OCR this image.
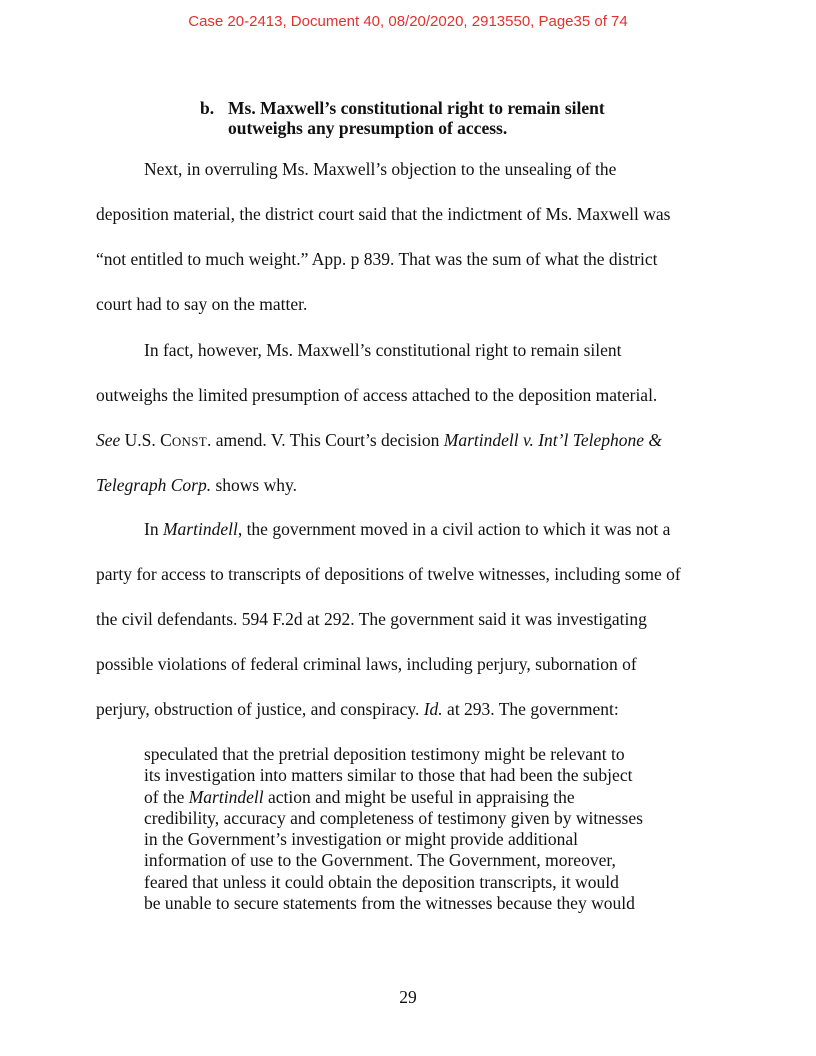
Case 20-2413, Document 40, 08/20/2020, 2913550, Page35 of 74
b. Ms. Maxwell’s constitutional right to remain silent
outweighs any presumption of access.
Next, in overruling Ms. Maxwell’s objection to the unsealing of the
deposition material, the district court said that the indictment of Ms. Maxwell was
“not entitled to much weight.” App. p 839. That was the sum of what the district
court had to say on the matter.
In fact, however, Ms. Maxwell’s constitutional right to remain silent
outweighs the limited presumption of access attached to the deposition material.
See U.S. CONST. amend. V. This Court’s decision Martindell v. Int’l Telephone &
Telegraph Corp. shows why.
In Martindell, the government moved in a civil action to which it was not a
party for access to transcripts of depositions of twelve witnesses, including some of
the civil defendants. 594 F.2d at 292. The government said it was investigating
possible violations of federal criminal laws, including perjury, subornation of
perjury, obstruction of justice, and conspiracy. Id. at 293. The government:
speculated that the pretrial deposition testimony might be relevant to
its investigation into matters similar to those that had been the subject
of the Martindell action and might be useful in appraising the
credibility, accuracy and completeness of testimony given by witnesses
in the Government’s investigation or might provide additional
information of use to the Government. The Government, moreover,
feared that unless it could obtain the deposition transcripts, it would
be unable to secure statements from the witnesses because they would
29
